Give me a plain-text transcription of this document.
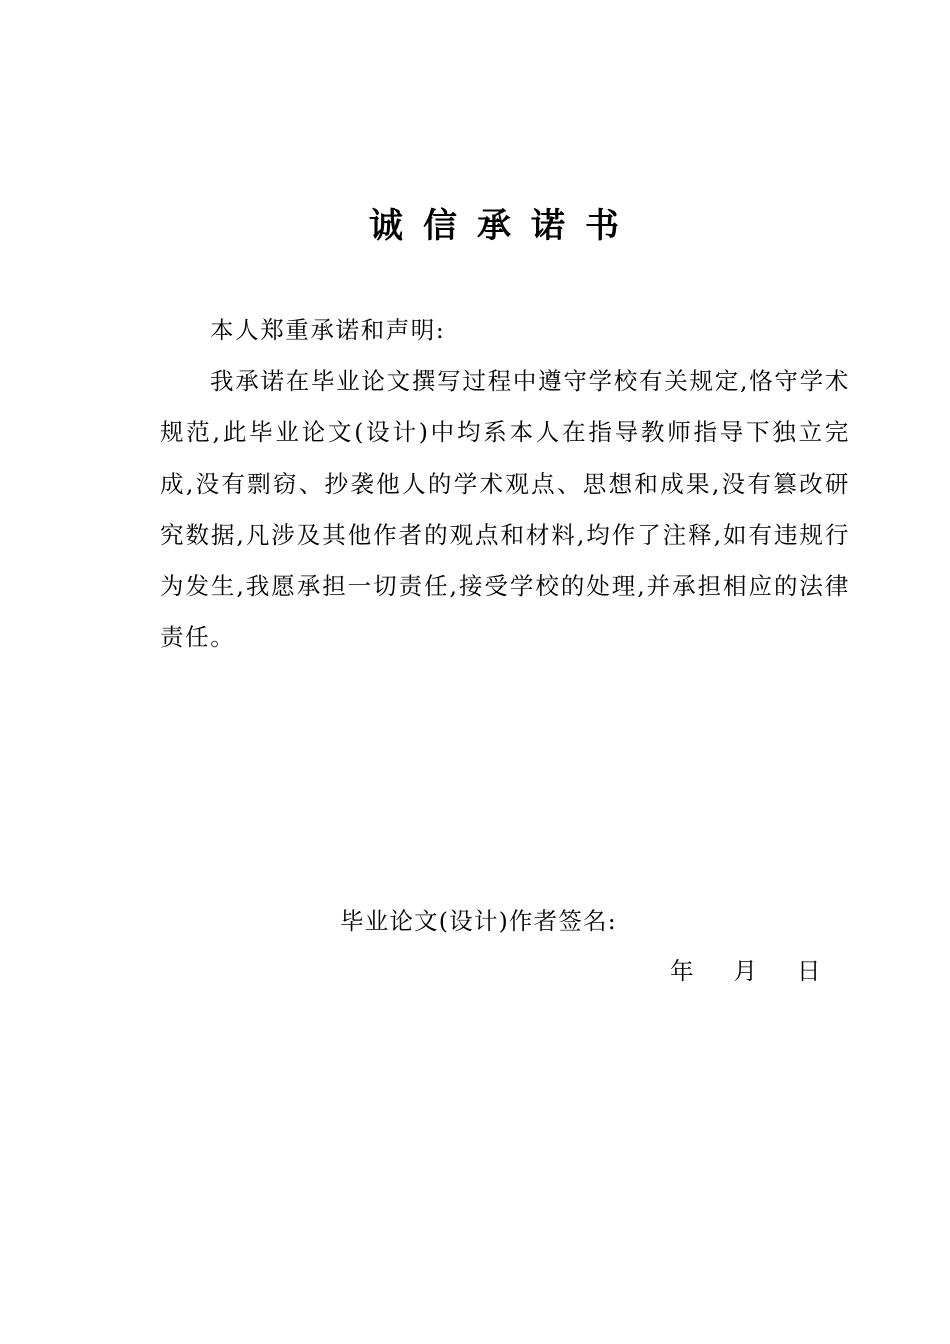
诚信承诺书

本人郑重承诺和声明:

我承诺在毕业论文撰写过程中遵守学校有关规定,恪守学术规范,此毕业论文(设计)中均系本人在指导教师指导下独立完成,没有剽窃、抄袭他人的学术观点、思想和成果,没有篡改研究数据,凡涉及其他作者的观点和材料,均作了注释,如有违规行为发生,我愿承担一切责任,接受学校的处理,并承担相应的法律责任。

毕业论文(设计)作者签名:

年 月 日
